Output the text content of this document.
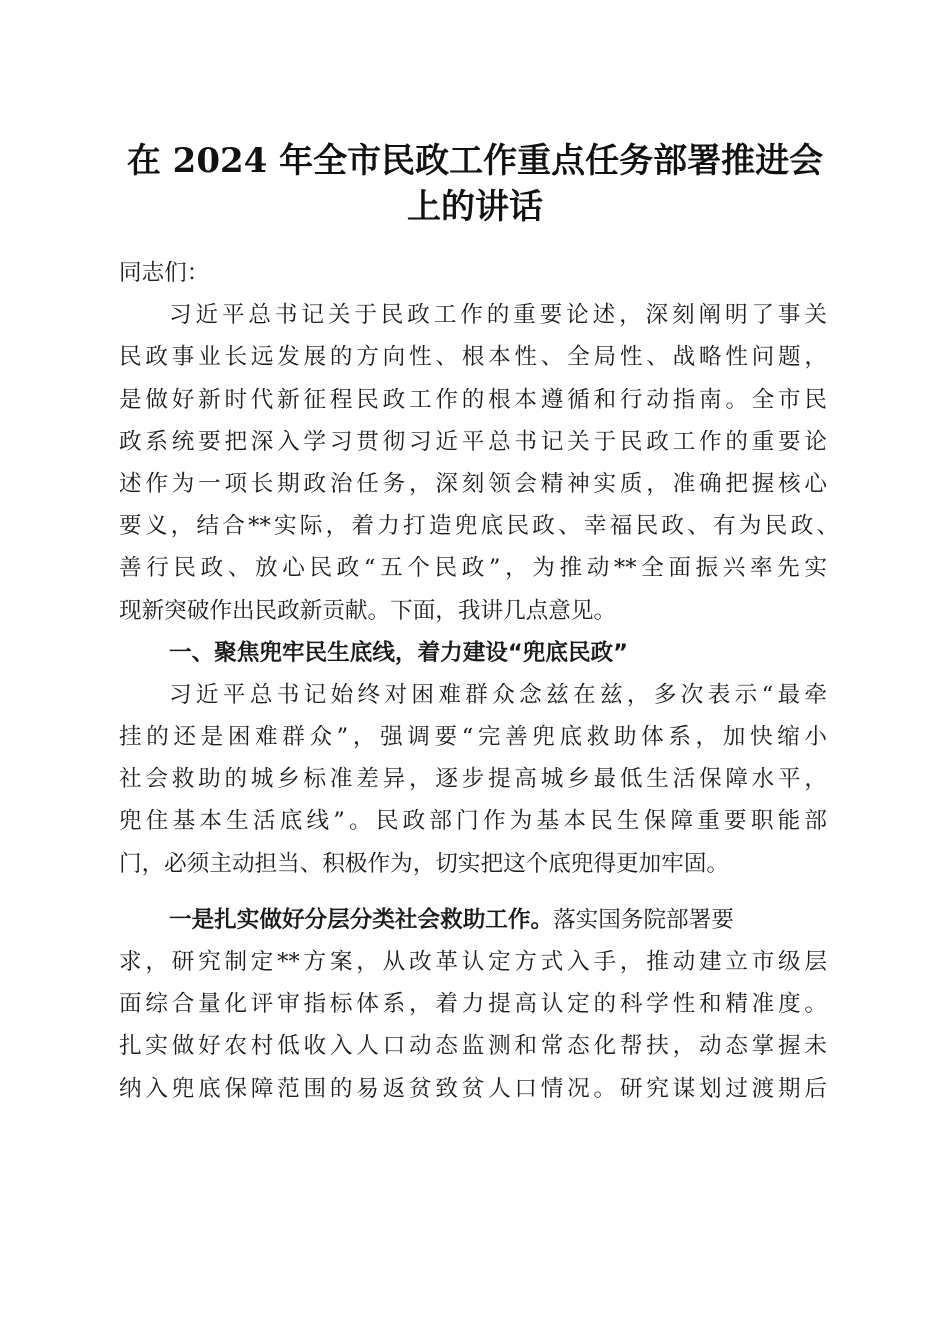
在 2024 年全市民政工作重点任务部署推进会
上的讲话
同志们：
习近平总书记关于民政工作的重要论述，深刻阐明了事关
民政事业长远发展的方向性、根本性、全局性、战略性问题，
是做好新时代新征程民政工作的根本遵循和行动指南。全市民
政系统要把深入学习贯彻习近平总书记关于民政工作的重要论
述作为一项长期政治任务，深刻领会精神实质，准确把握核心
要义，结合**实际，着力打造兜底民政、幸福民政、有为民政、
善行民政、放心民政“五个民政”，为推动**全面振兴率先实
现新突破作出民政新贡献。下面，我讲几点意见。
一、聚焦兜牢民生底线，着力建设“兜底民政”
习近平总书记始终对困难群众念兹在兹，多次表示“最牵
挂的还是困难群众”，强调要“完善兜底救助体系，加快缩小
社会救助的城乡标准差异，逐步提高城乡最低生活保障水平，
兜住基本生活底线”。民政部门作为基本民生保障重要职能部
门，必须主动担当、积极作为，切实把这个底兜得更加牢固。
一是扎实做好分层分类社会救助工作。落实国务院部署要
求，研究制定**方案，从改革认定方式入手，推动建立市级层
面综合量化评审指标体系，着力提高认定的科学性和精准度。
扎实做好农村低收入人口动态监测和常态化帮扶，动态掌握未
纳入兜底保障范围的易返贫致贫人口情况。研究谋划过渡期后
